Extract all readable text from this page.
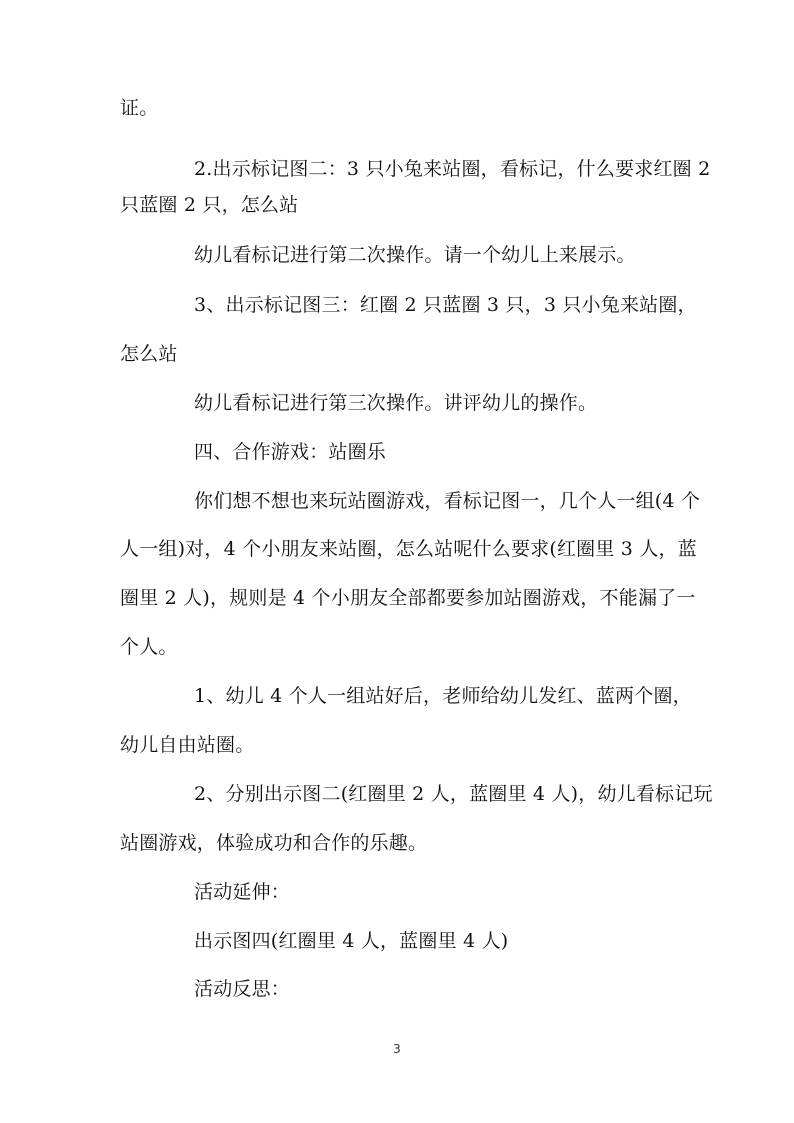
证。
2.出示标记图二：3 只小兔来站圈，看标记，什么要求红圈 2
只蓝圈 2 只，怎么站
幼儿看标记进行第二次操作。请一个幼儿上来展示。
3、出示标记图三：红圈 2 只蓝圈 3 只，3 只小兔来站圈，
怎么站
幼儿看标记进行第三次操作。讲评幼儿的操作。
四、合作游戏：站圈乐
你们想不想也来玩站圈游戏，看标记图一，几个人一组(4 个
人一组)对，4 个小朋友来站圈，怎么站呢什么要求(红圈里 3 人，蓝
圈里 2 人)，规则是 4 个小朋友全部都要参加站圈游戏，不能漏了一
个人。
1、幼儿 4 个人一组站好后，老师给幼儿发红、蓝两个圈，
幼儿自由站圈。
2、分别出示图二(红圈里 2 人，蓝圈里 4 人)，幼儿看标记玩
站圈游戏，体验成功和合作的乐趣。
活动延伸：
出示图四(红圈里 4 人，蓝圈里 4 人)
活动反思：
3
